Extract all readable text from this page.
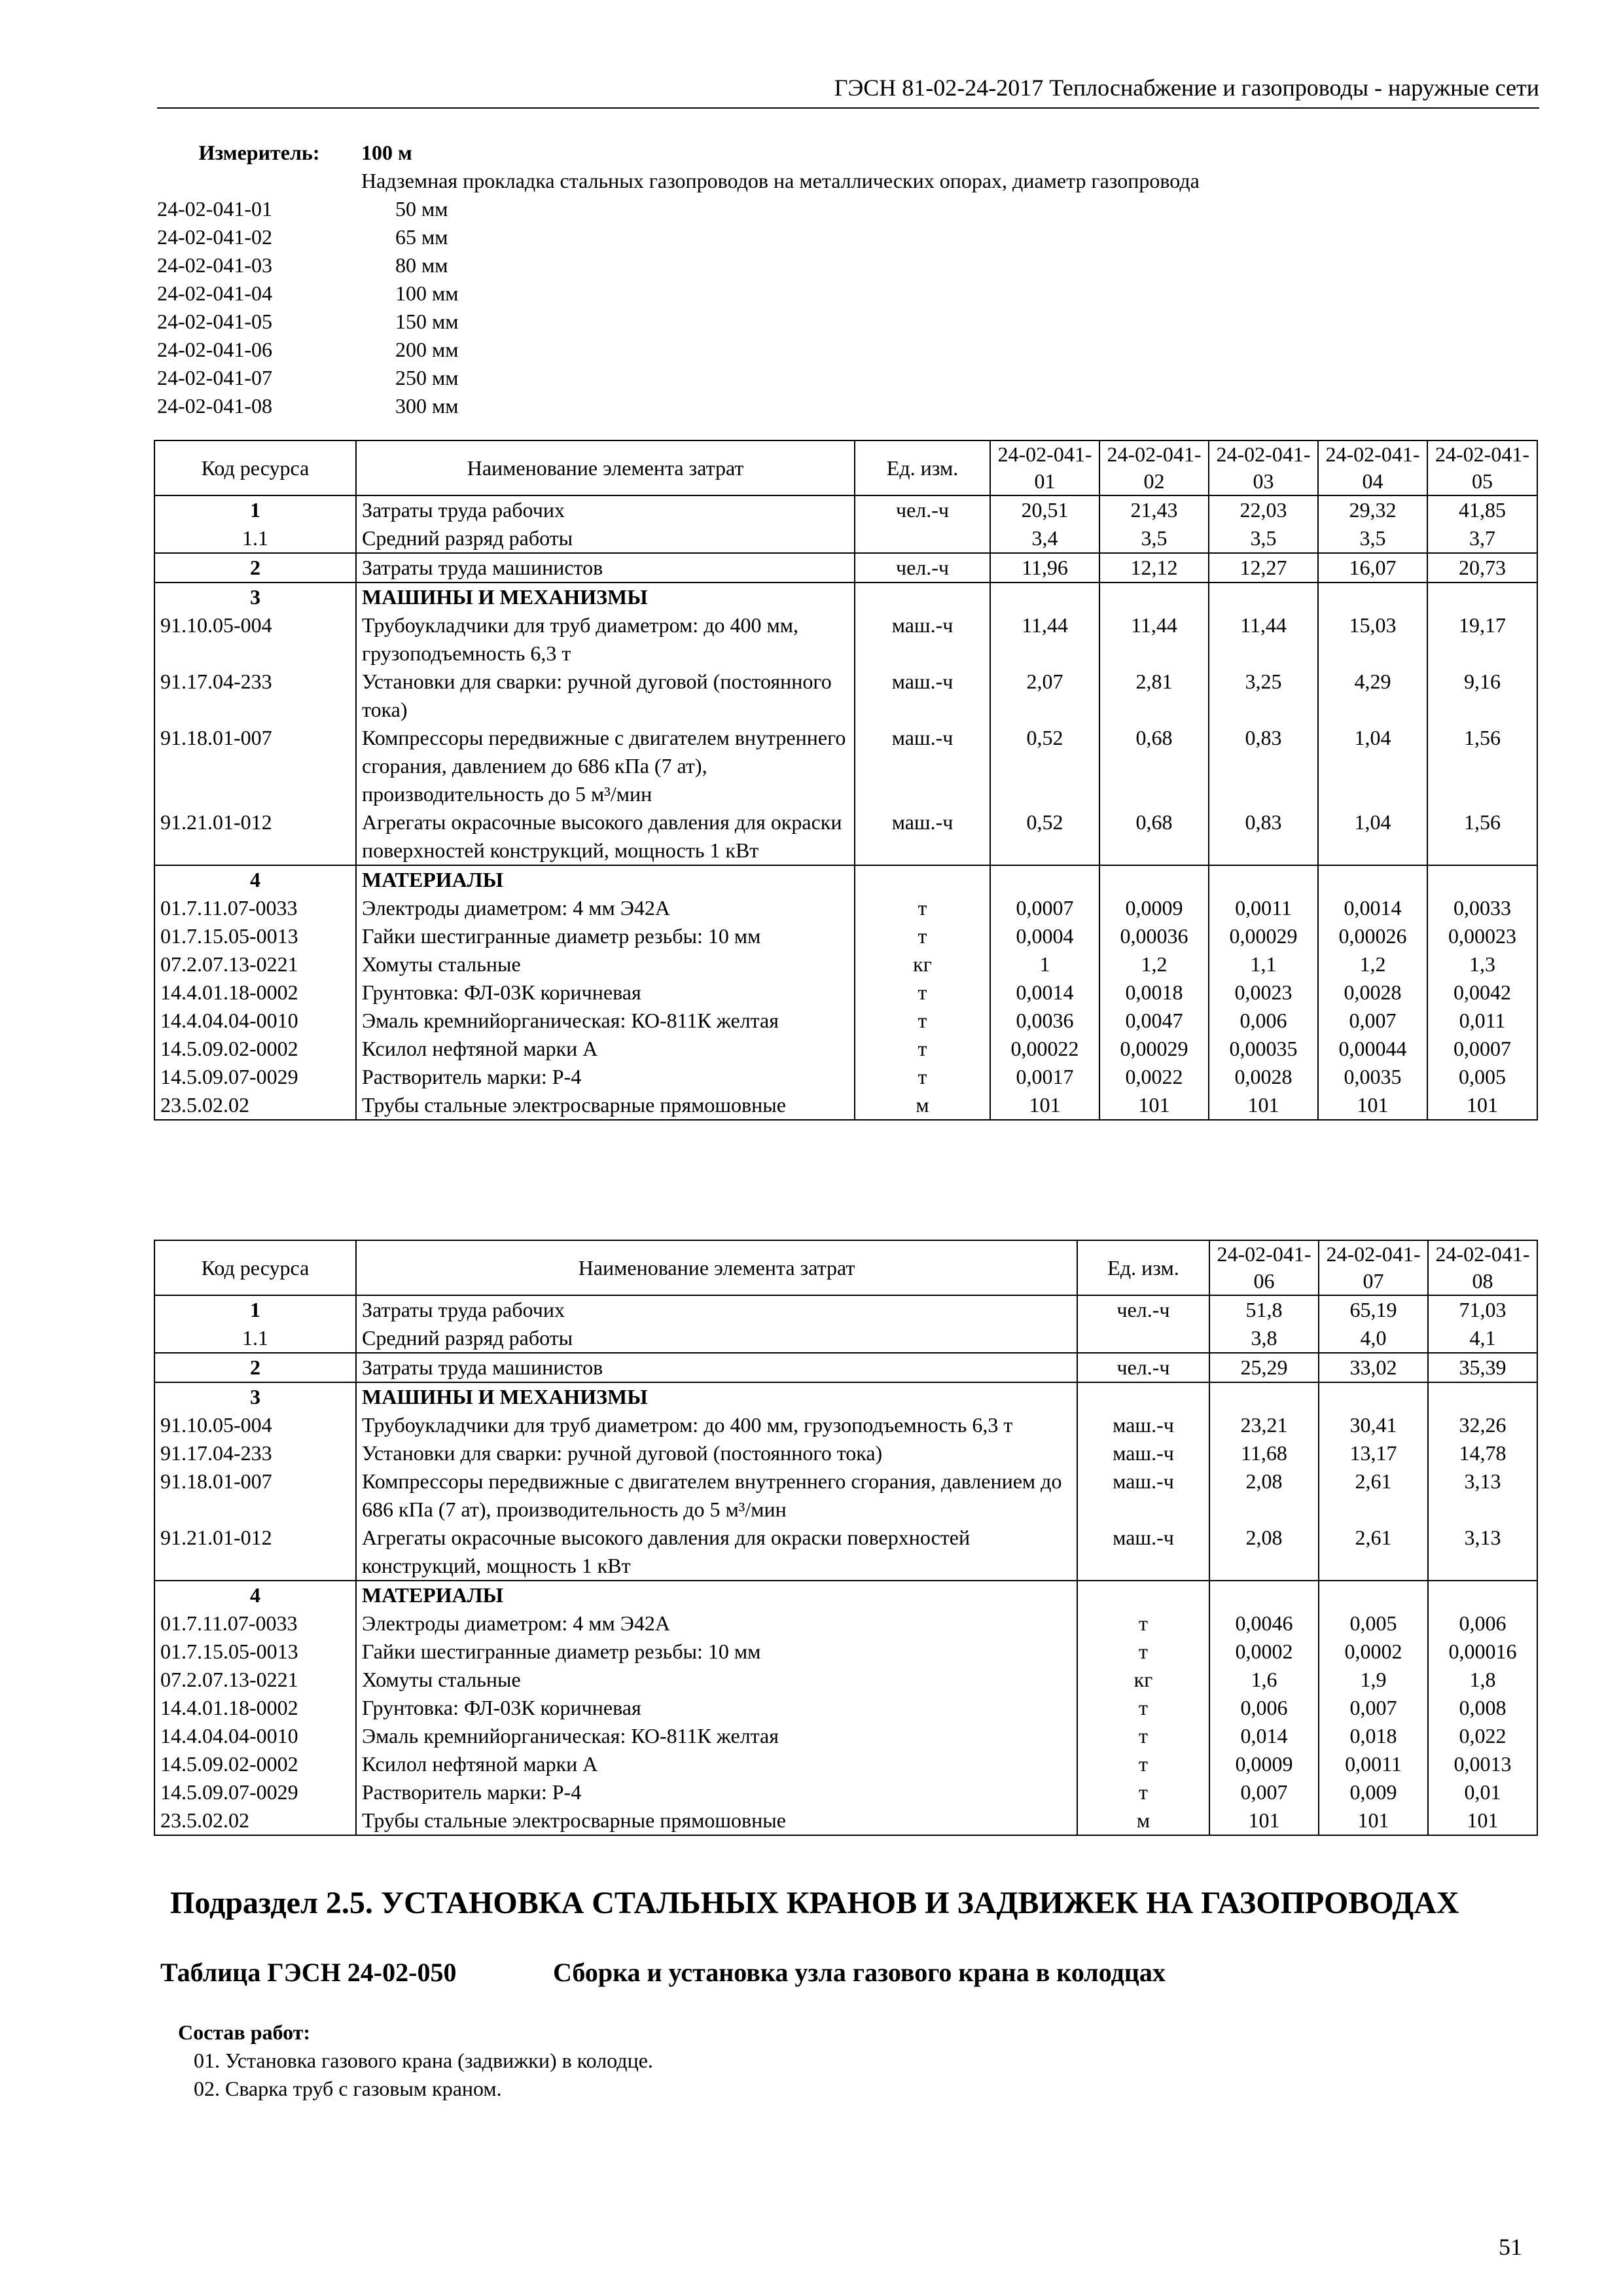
ГЭСН 81-02-24-2017 Теплоснабжение и газопроводы - наружные сети
Измеритель: 100 м
Надземная прокладка стальных газопроводов на металлических опорах, диаметр газопровода
24-02-041-01	50 мм
24-02-041-02	65 мм
24-02-041-03	80 мм
24-02-041-04	100 мм
24-02-041-05	150 мм
24-02-041-06	200 мм
24-02-041-07	250 мм
24-02-041-08	300 мм
Код ресурса	Наименование элемента затрат	Ед. изм.	24-02-041-01	24-02-041-02	24-02-041-03	24-02-041-04	24-02-041-05
1	Затраты труда рабочих	чел.-ч	20,51	21,43	22,03	29,32	41,85
1.1	Средний разряд работы		3,4	3,5	3,5	3,5	3,7
2	Затраты труда машинистов	чел.-ч	11,96	12,12	12,27	16,07	20,73
3	МАШИНЫ И МЕХАНИЗМЫ						
91.10.05-004	Трубоукладчики для труб диаметром: до 400 мм, грузоподъемность 6,3 т	маш.-ч	11,44	11,44	11,44	15,03	19,17
91.17.04-233	Установки для сварки: ручной дуговой (постоянного тока)	маш.-ч	2,07	2,81	3,25	4,29	9,16
91.18.01-007	Компрессоры передвижные с двигателем внутреннего сгорания, давлением до 686 кПа (7 ат), производительность до 5 м³/мин	маш.-ч	0,52	0,68	0,83	1,04	1,56
91.21.01-012	Агрегаты окрасочные высокого давления для окраски поверхностей конструкций, мощность 1 кВт	маш.-ч	0,52	0,68	0,83	1,04	1,56
4	МАТЕРИАЛЫ						
01.7.11.07-0033	Электроды диаметром: 4 мм Э42А	т	0,0007	0,0009	0,0011	0,0014	0,0033
01.7.15.05-0013	Гайки шестигранные диаметр резьбы: 10 мм	т	0,0004	0,00036	0,00029	0,00026	0,00023
07.2.07.13-0221	Хомуты стальные	кг	1	1,2	1,1	1,2	1,3
14.4.01.18-0002	Грунтовка: ФЛ-03К коричневая	т	0,0014	0,0018	0,0023	0,0028	0,0042
14.4.04.04-0010	Эмаль кремнийорганическая: КО-811К желтая	т	0,0036	0,0047	0,006	0,007	0,011
14.5.09.02-0002	Ксилол нефтяной марки А	т	0,00022	0,00029	0,00035	0,00044	0,0007
14.5.09.07-0029	Растворитель марки: Р-4	т	0,0017	0,0022	0,0028	0,0035	0,005
23.5.02.02	Трубы стальные электросварные прямошовные	м	101	101	101	101	101
Код ресурса	Наименование элемента затрат	Ед. изм.	24-02-041-06	24-02-041-07	24-02-041-08
1	Затраты труда рабочих	чел.-ч	51,8	65,19	71,03
1.1	Средний разряд работы		3,8	4,0	4,1
2	Затраты труда машинистов	чел.-ч	25,29	33,02	35,39
3	МАШИНЫ И МЕХАНИЗМЫ				
91.10.05-004	Трубоукладчики для труб диаметром: до 400 мм, грузоподъемность 6,3 т	маш.-ч	23,21	30,41	32,26
91.17.04-233	Установки для сварки: ручной дуговой (постоянного тока)	маш.-ч	11,68	13,17	14,78
91.18.01-007	Компрессоры передвижные с двигателем внутреннего сгорания, давлением до 686 кПа (7 ат), производительность до 5 м³/мин	маш.-ч	2,08	2,61	3,13
91.21.01-012	Агрегаты окрасочные высокого давления для окраски поверхностей конструкций, мощность 1 кВт	маш.-ч	2,08	2,61	3,13
4	МАТЕРИАЛЫ				
01.7.11.07-0033	Электроды диаметром: 4 мм Э42А	т	0,0046	0,005	0,006
01.7.15.05-0013	Гайки шестигранные диаметр резьбы: 10 мм	т	0,0002	0,0002	0,00016
07.2.07.13-0221	Хомуты стальные	кг	1,6	1,9	1,8
14.4.01.18-0002	Грунтовка: ФЛ-03К коричневая	т	0,006	0,007	0,008
14.4.04.04-0010	Эмаль кремнийорганическая: КО-811К желтая	т	0,014	0,018	0,022
14.5.09.02-0002	Ксилол нефтяной марки А	т	0,0009	0,0011	0,0013
14.5.09.07-0029	Растворитель марки: Р-4	т	0,007	0,009	0,01
23.5.02.02	Трубы стальные электросварные прямошовные	м	101	101	101
Подраздел 2.5. УСТАНОВКА СТАЛЬНЫХ КРАНОВ И ЗАДВИЖЕК НА ГАЗОПРОВОДАХ
Таблица ГЭСН 24-02-050	Сборка и установка узла газового крана в колодцах
Состав работ:
01. Установка газового крана (задвижки) в колодце.
02. Сварка труб с газовым краном.
51
